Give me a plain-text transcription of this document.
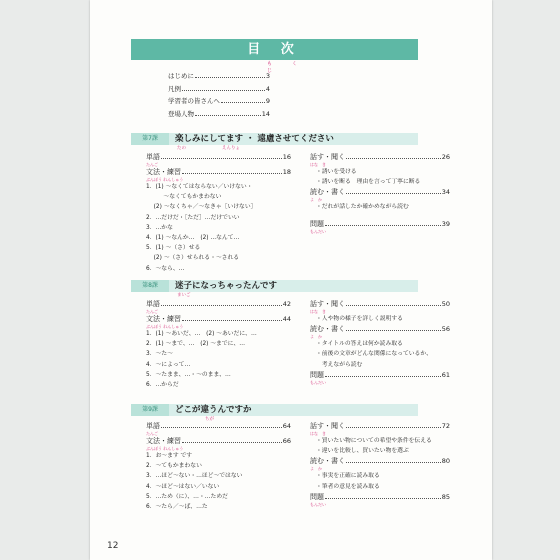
目 次
もく じ
はじめに	3
凡例	4
学習者の皆さんへ	9
登場人物	14
第7課	楽しみにしてます ・ 遠慮させてください
たの　　　　　　　　えんりょ
単語	16
たんご
文法・練習	18
ぶんぽう れんしゅう
1．(1) ～なくてはならない／いけない・
　　　～なくてもかまわない
　 (2) ～なくちゃ／～なきゃ［いけない］
2．…だけだ・［ただ］…だけでいい
3．…かな
4．(1) ～なんか…　(2) …なんて…
5．(1) ～（さ）せる
　 (2) ～（さ）せられる・～される
6．～なら、…
話す・聞く	26
はな　き
・誘いを受ける
・誘いを断る　理由を言って丁寧に断る
読む・書く	34
よ　か
・だれが話したか確かめながら読む
問題	39
もんだい
第8課	迷子になっちゃったんです
まいご
単語	42
たんご
文法・練習	44
ぶんぽう れんしゅう
1．(1) ～あいだ、…　(2) ～あいだに、…
2．(1) ～まで、…　(2) ～までに、…
3．～た～
4．～によって…
5．～たまま、…・～のまま、…
6．…からだ
話す・聞く	50
はな　き
・人や物の様子を詳しく説明する
読む・書く	56
よ　か
・タイトルの答えは何か読み取る
・前後の文章がどんな関係になっているか、
　考えながら読む
問題	61
もんだい
第9課	どこが違うんですか
ちが
単語	64
たんご
文法・練習	66
ぶんぽう れんしゅう
1．お～ます です
2．～てもかまわない
3．…ほど～ない・…ほど～ではない
4．～ほど～はない／いない
5．…ため（に）、…・…ためだ
6．～たら／～ば、…た
話す・聞く	72
はな　き
・買いたい物についての希望や条件を伝える
・違いを比較し、買いたい物を選ぶ
読む・書く	80
よ　か
・事実を正確に読み取る
・筆者の意見を読み取る
問題	85
もんだい
12
